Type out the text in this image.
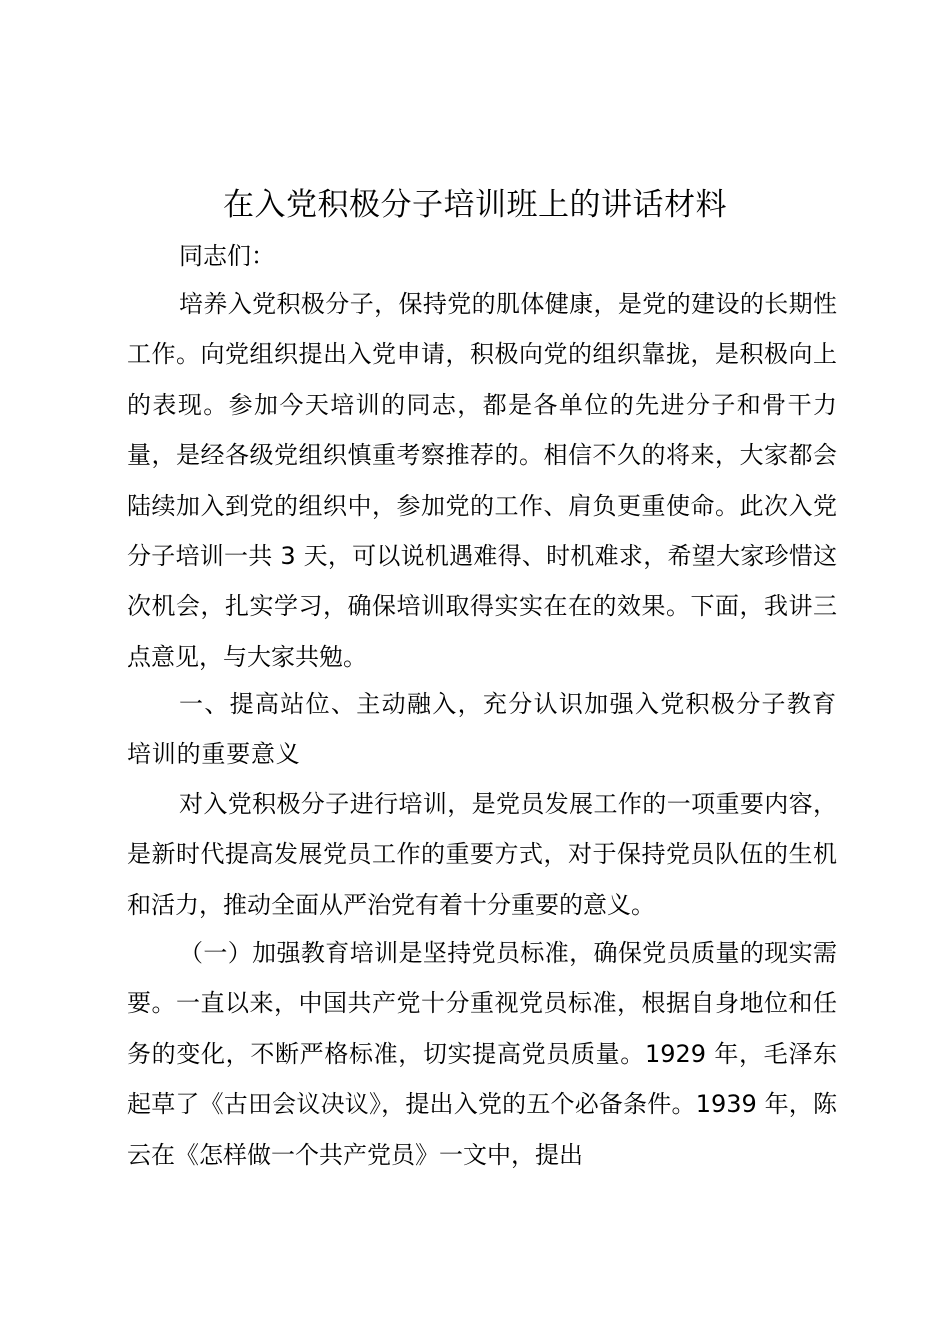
在入党积极分子培训班上的讲话材料

同志们：

培养入党积极分子，保持党的肌体健康，是党的建设的长期性工作。向党组织提出入党申请，积极向党的组织靠拢，是积极向上的表现。参加今天培训的同志，都是各单位的先进分子和骨干力量，是经各级党组织慎重考察推荐的。相信不久的将来，大家都会陆续加入到党的组织中，参加党的工作、肩负更重使命。此次入党分子培训一共 3 天，可以说机遇难得、时机难求，希望大家珍惜这次机会，扎实学习，确保培训取得实实在在的效果。下面，我讲三点意见，与大家共勉。

一、提高站位、主动融入，充分认识加强入党积极分子教育培训的重要意义

对入党积极分子进行培训，是党员发展工作的一项重要内容，是新时代提高发展党员工作的重要方式，对于保持党员队伍的生机和活力，推动全面从严治党有着十分重要的意义。

（一）加强教育培训是坚持党员标准，确保党员质量的现实需要。一直以来，中国共产党十分重视党员标准，根据自身地位和任务的变化，不断严格标准，切实提高党员质量。1929 年，毛泽东起草了《古田会议决议》，提出入党的五个必备条件。1939 年，陈云在《怎样做一个共产党员》一文中，提出
